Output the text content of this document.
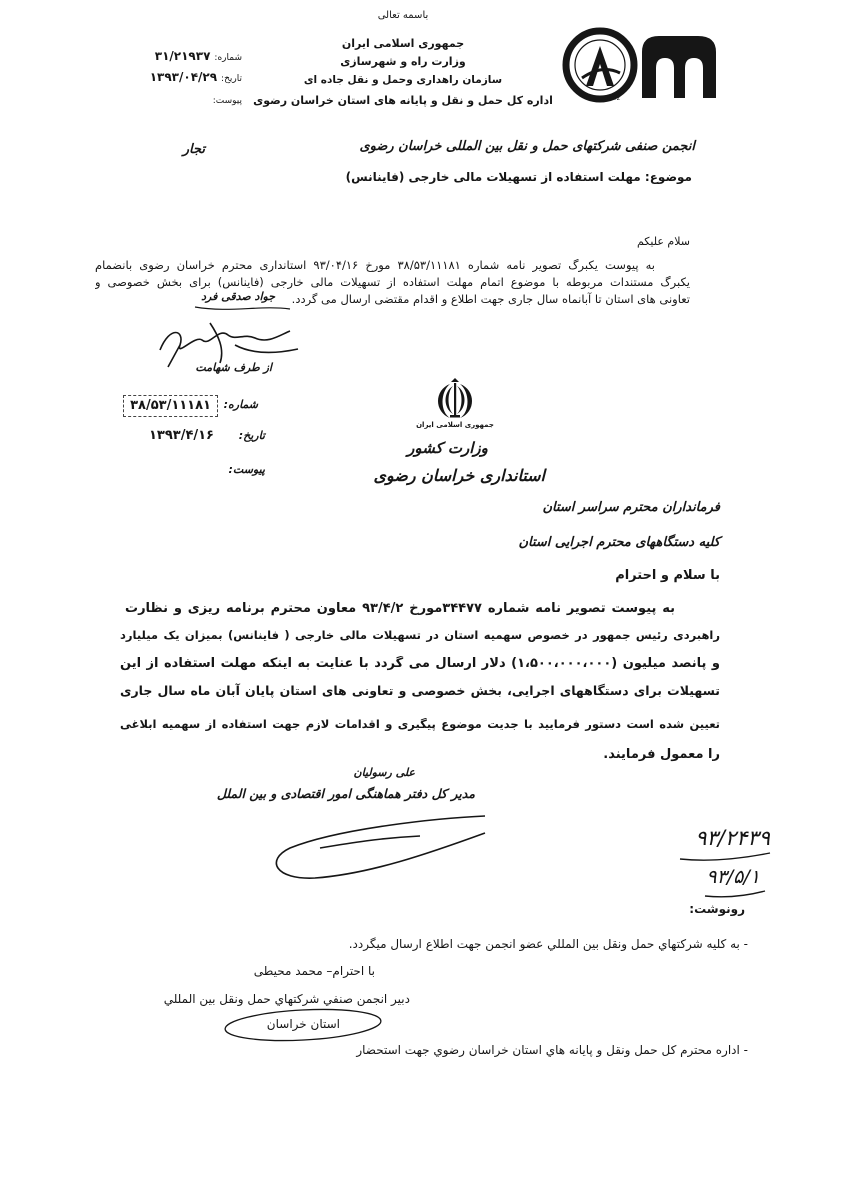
باسمه تعالی
جمهوری اسلامی ایران
وزارت راه و شهرسازی
سازمان راهداری وحمل و نقل جاده ای
اداره کل حمل و نقل و پایانه های استان خراسان رضوی	Alborz
شماره:۳۱/۲۱۹۳۷
تاریخ:۱۳۹۳/۰۴/۲۹
پیوست:
انجمن صنفی شرکتهای حمل و نقل بین المللی خراسان رضوی
تجار
موضوع: مهلت استفاده از تسهیلات مالی خارجی (فاینانس)
سلام علیکم
به پیوست یکبرگ تصویر نامه شماره ۳۸/۵۳/۱۱۱۸۱ مورخ ۹۳/۰۴/۱۶ استانداری محترم خراسان رضوی بانضمام
یکبرگ مستندات مربوطه با موضوع اتمام مهلت استفاده از تسهیلات مالی خارجی (فاینانس) برای بخش خصوصی و
تعاونی های استان تا آبانماه سال جاری جهت اطلاع و اقدام مقتضی ارسال می گردد.
جواد صدقی فرد
از طرف شهامت
شماره:
۳۸/۵۳/۱۱۱۸۱
تاریخ:
۱۳۹۳/۴/۱۶
پیوست:
جمهوری اسلامی ایران
وزارت کشور
استانداری خراسان رضوی
فرمانداران محترم سراسر استان
کلیه دستگاههای محترم اجرایی استان
با سلام و احترام
به پیوست تصویر نامه شماره ۳۴۴۷۷مورخ ۹۳/۴/۲ معاون محترم برنامه ریزی و نظارت
راهبردی رئیس جمهور در خصوص سهمیه استان در تسهیلات مالی خارجی ( فاینانس) بمیزان یک میلیارد
و پانصد میلیون (۱،۵۰۰،۰۰۰،۰۰۰) دلار ارسال می گردد با عنایت به اینکه مهلت استفاده از این
تسهیلات برای دستگاههای اجرایی، بخش خصوصی و تعاونی های استان پایان آبان ماه سال جاری
تعیین شده است دستور فرمایید با جدیت موضوع پیگیری و اقدامات لازم جهت استفاده از سهمیه ابلاغی
را معمول فرمایند.
علی رسولیان
مدیر کل دفتر هماهنگی امور اقتصادی و بین الملل
۹۳/۲۴۳۹
۹۳/۵/۱
رونوشت:
- به کلیه شرکتهاي حمل ونقل بين المللي عضو انجمن جهت اطلاع ارسال ميگردد.
با احترام– محمد محیطی
دبير انجمن صنفي شرکتهاي حمل ونقل بين المللي
استان خراسان
- اداره محترم کل حمل ونقل و پايانه هاي استان خراسان رضوي جهت استحضار
